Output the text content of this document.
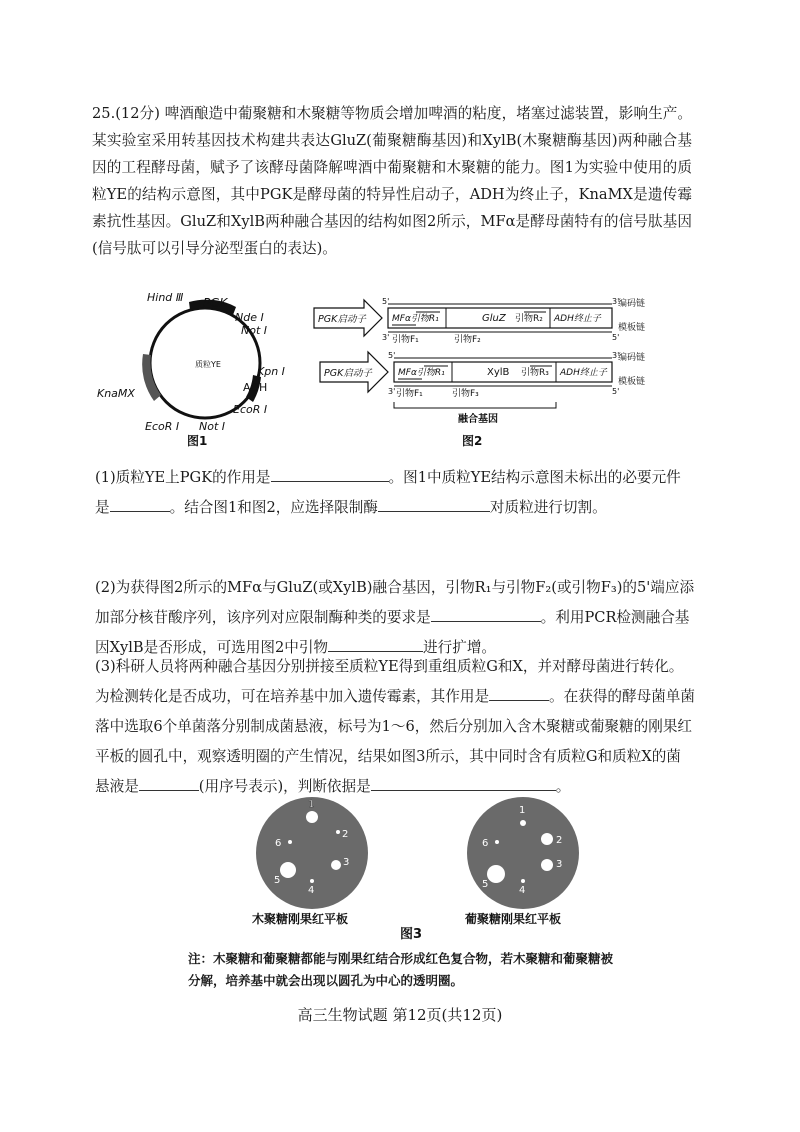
25.(12分) 啤酒酿造中葡聚糖和木聚糖等物质会增加啤酒的粘度，堵塞过滤装置，影响生产。某实验室采用转基因技术构建共表达GluZ(葡聚糖酶基因)和XylB(木聚糖酶基因)两种融合基因的工程酵母菌，赋予了该酵母菌降解啤酒中葡聚糖和木聚糖的能力。图1为实验中使用的质粒YE的结构示意图，其中PGK是酵母菌的特异性启动子，ADH为终止子，KnaMX是遗传霉素抗性基因。GluZ和XylB两种融合基因的结构如图2所示，MFα是酵母菌特有的信号肽基因(信号肽可以引导分泌型蛋白的表达)。
质粒YE
Hind Ⅲ PGK
Nde Ⅰ
Not Ⅰ
Kpn Ⅰ
ADH
EcoR Ⅰ
Not Ⅰ
EcoR Ⅰ
KnaMX
图1
PGK启动子	MFα引物R₁	GluZ 引物R₂ ADH终止子
5'	3'
3'	5'
编码链
模板链
引物F₁	引物F₂
PGK启动子	MFα引物R₁	XylB 引物R₃ ADH终止子
5'	3'
3'	5'
编码链
模板链
引物F₁	引物F₃
融合基因
图2
(1)质粒YE上PGK的作用是	。图1中质粒YE结构示意图未标出的必要元件是	。结合图1和图2，应选择限制酶	对质粒进行切割。
(2)为获得图2所示的MFα与GluZ(或XylB)融合基因，引物R₁与引物F₂(或引物F₃)的5'端应添加部分核苷酸序列，该序列对应限制酶种类的要求是	。利用PCR检测融合基因XylB是否形成，可选用图2中引物	进行扩增。
(3)科研人员将两种融合基因分别拼接至质粒YE得到重组质粒G和X，并对酵母菌进行转化。为检测转化是否成功，可在培养基中加入遗传霉素，其作用是	。在获得的酵母菌单菌落中选取6个单菌落分别制成菌悬液，标号为1～6，然后分别加入含木聚糖或葡聚糖的刚果红平板的圆孔中，观察透明圈的产生情况，结果如图3所示，其中同时含有质粒G和质粒X的菌悬液是	(用序号表示)，判断依据是	。
1
2
3
4
5
6
1
2
3
4
5
6
木聚糖刚果红平板	葡聚糖刚果红平板
图3
注：木聚糖和葡聚糖都能与刚果红结合形成红色复合物，若木聚糖和葡聚糖被分解，培养基中就会出现以圆孔为中心的透明圈。
高三生物试题 第12页(共12页)
